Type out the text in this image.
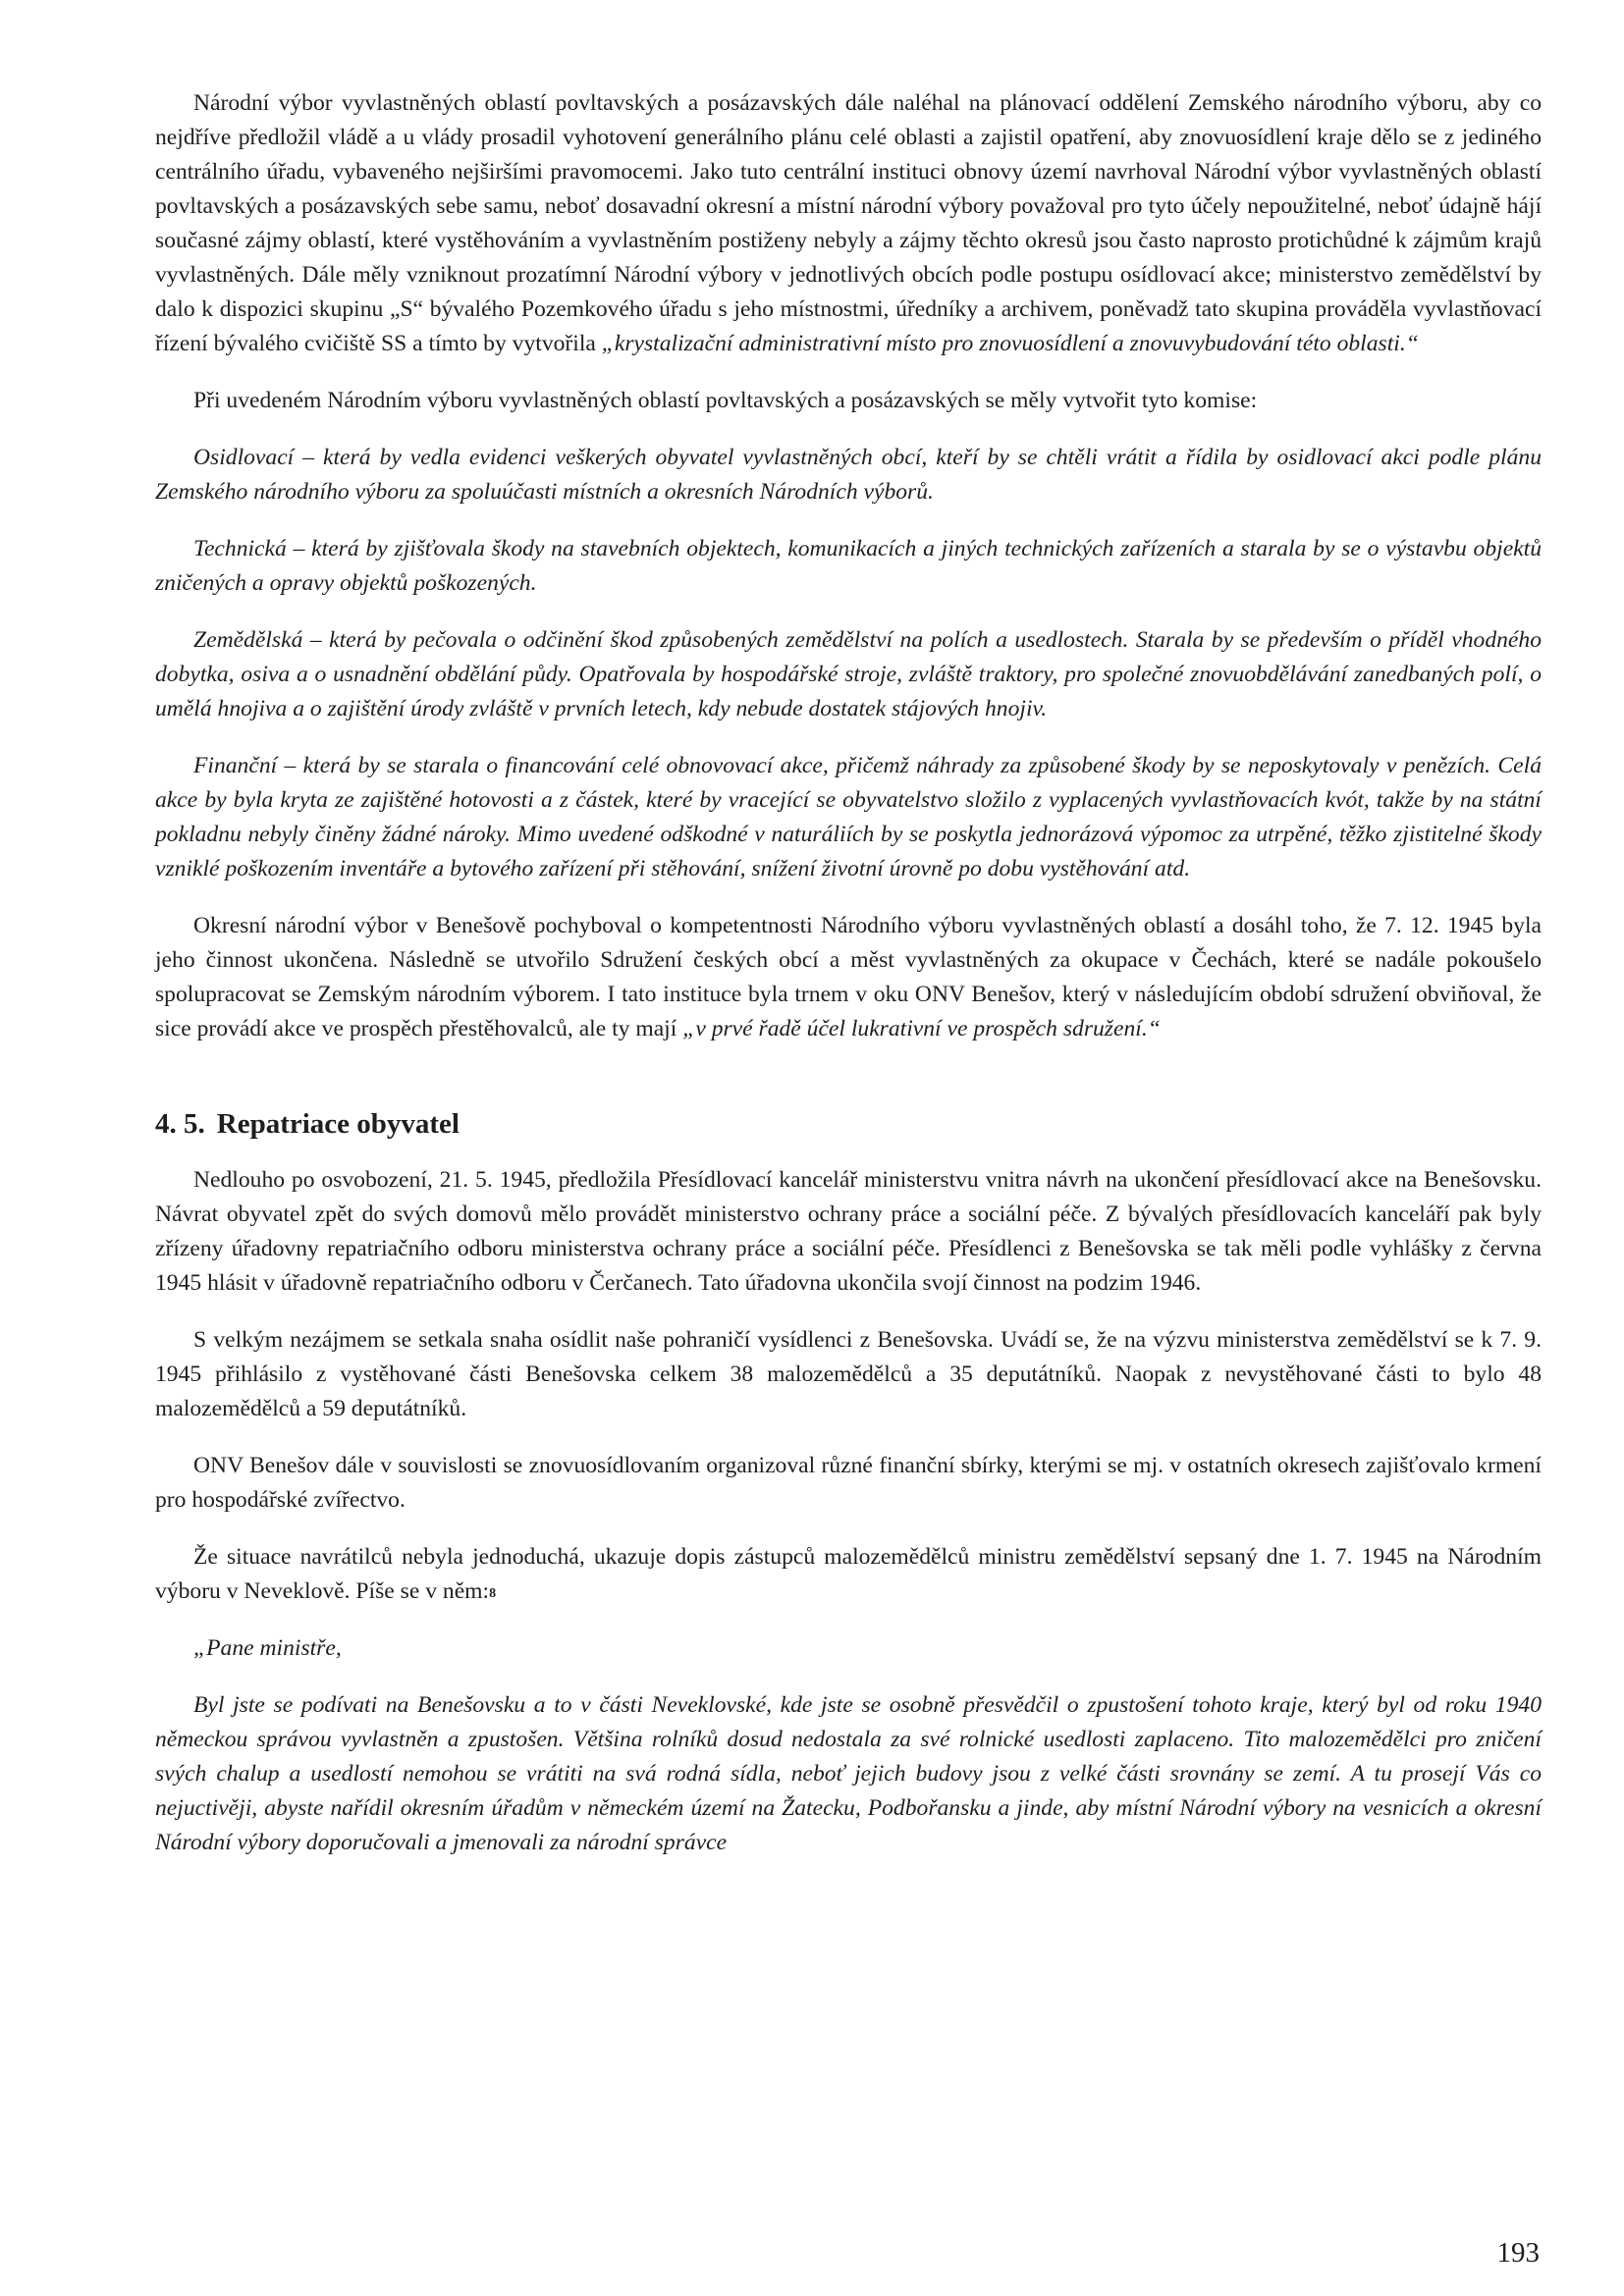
Národní výbor vyvlastněných oblastí povltavských a posázavských dále naléhal na plánovací oddělení Zemského národního výboru, aby co nejdříve předložil vládě a u vlády prosadil vyhotovení generálního plánu celé oblasti a zajistil opatření, aby znovuosídlení kraje dělo se z jediného centrálního úřadu, vybaveného nejširšími pravomocemi. Jako tuto centrální instituci obnovy území navrhoval Národní výbor vyvlastněných oblastí povltavských a posázavských sebe samu, neboť dosavadní okresní a místní národní výbory považoval pro tyto účely nepoužitelné, neboť údajně hájí současné zájmy oblastí, které vystěhováním a vyvlastněním postiženy nebyly a zájmy těchto okresů jsou často naprosto protichůdné k zájmům krajů vyvlastněných. Dále měly vzniknout prozatímní Národní výbory v jednotlivých obcích podle postupu osídlovací akce; ministerstvo zemědělství by dalo k dispozici skupinu „S“ bývalého Pozemkového úřadu s jeho místnostmi, úředníky a archivem, poněvadž tato skupina prováděla vyvlastňovací řízení bývalého cvičiště SS a tímto by vytvořila „krystalizační administrativní místo pro znovuosídlení a znovuvybudování této oblasti.“

Při uvedeném Národním výboru vyvlastněných oblastí povltavských a posázavských se měly vytvořit tyto komise:

Osidlovací – která by vedla evidenci veškerých obyvatel vyvlastněných obcí, kteří by se chtěli vrátit a řídila by osidlovací akci podle plánu Zemského národního výboru za spoluúčasti místních a okresních Národních výborů.

Technická – která by zjišťovala škody na stavebních objektech, komunikacích a jiných technických zařízeních a starala by se o výstavbu objektů zničených a opravy objektů poškozených.

Zemědělská – která by pečovala o odčinění škod způsobených zemědělství na polích a usedlostech. Starala by se především o příděl vhodného dobytka, osiva a o usnadnění obdělání půdy. Opatřovala by hospodářské stroje, zvláště traktory, pro společné znovuobdělávání zanedbaných polí, o umělá hnojiva a o zajištění úrody zvláště v prvních letech, kdy nebude dostatek stájových hnojiv.

Finanční – která by se starala o financování celé obnovovací akce, přičemž náhrady za způsobené škody by se neposkytovaly v penězích. Celá akce by byla kryta ze zajištěné hotovosti a z částek, které by vracející se obyvatelstvo složilo z vyplacených vyvlastňovacích kvót, takže by na státní pokladnu nebyly činěny žádné nároky. Mimo uvedené odškodné v naturáliích by se poskytla jednorázová výpomoc za utrpěné, těžko zjistitelné škody vzniklé poškozením inventáře a bytového zařízení při stěhování, snížení životní úrovně po dobu vystěhování atd.

Okresní národní výbor v Benešově pochyboval o kompetentnosti Národního výboru vyvlastněných oblastí a dosáhl toho, že 7. 12. 1945 byla jeho činnost ukončena. Následně se utvořilo Sdružení českých obcí a měst vyvlastněných za okupace v Čechách, které se nadále pokoušelo spolupracovat se Zemským národním výborem. I tato instituce byla trnem v oku ONV Benešov, který v následujícím období sdružení obviňoval, že sice provádí akce ve prospěch přestěhovalců, ale ty mají „v prvé řadě účel lukrativní ve prospěch sdružení.“

4. 5. Repatriace obyvatel

Nedlouho po osvobození, 21. 5. 1945, předložila Přesídlovací kancelář ministerstvu vnitra návrh na ukončení přesídlovací akce na Benešovsku. Návrat obyvatel zpět do svých domovů mělo provádět ministerstvo ochrany práce a sociální péče. Z bývalých přesídlovacích kanceláří pak byly zřízeny úřadovny repatriačního odboru ministerstva ochrany práce a sociální péče. Přesídlenci z Benešovska se tak měli podle vyhlášky z června 1945 hlásit v úřadovně repatriačního odboru v Čerčanech. Tato úřadovna ukončila svojí činnost na podzim 1946.

S velkým nezájmem se setkala snaha osídlit naše pohraničí vysídlenci z Benešovska. Uvádí se, že na výzvu ministerstva zemědělství se k 7. 9. 1945 přihlásilo z vystěhované části Benešovska celkem 38 malozemědělců a 35 deputátníků. Naopak z nevystěhované části to bylo 48 malozemědělců a 59 deputátníků.

ONV Benešov dále v souvislosti se znovuosídlovaním organizoval různé finanční sbírky, kterými se mj. v ostatních okresech zajišťovalo krmení pro hospodářské zvířectvo.

Že situace navrátilců nebyla jednoduchá, ukazuje dopis zástupců malozemědělců ministru zemědělství sepsaný dne 1. 7. 1945 na Národním výboru v Neveklově. Píše se v něm:$^8$

„Pane ministře,

Byl jste se podívati na Benešovsku a to v části Neveklovské, kde jste se osobně přesvědčil o zpustošení tohoto kraje, který byl od roku 1940 německou správou vyvlastněn a zpustošen. Většina rolníků dosud nedostala za své rolnické usedlosti zaplaceno. Tito malozemědělci pro zničení svých chalup a usedlostí nemohou se vrátiti na svá rodná sídla, neboť jejich budovy jsou z velké části srovnány se zemí. A tu prosejí Vás co nejuctivěji, abyste nařídil okresním úřadům v německém území na Žatecku, Podbořansku a jinde, aby místní Národní výbory na vesnicích a okresní Národní výbory doporučovali a jmenovali za národní správce

193
